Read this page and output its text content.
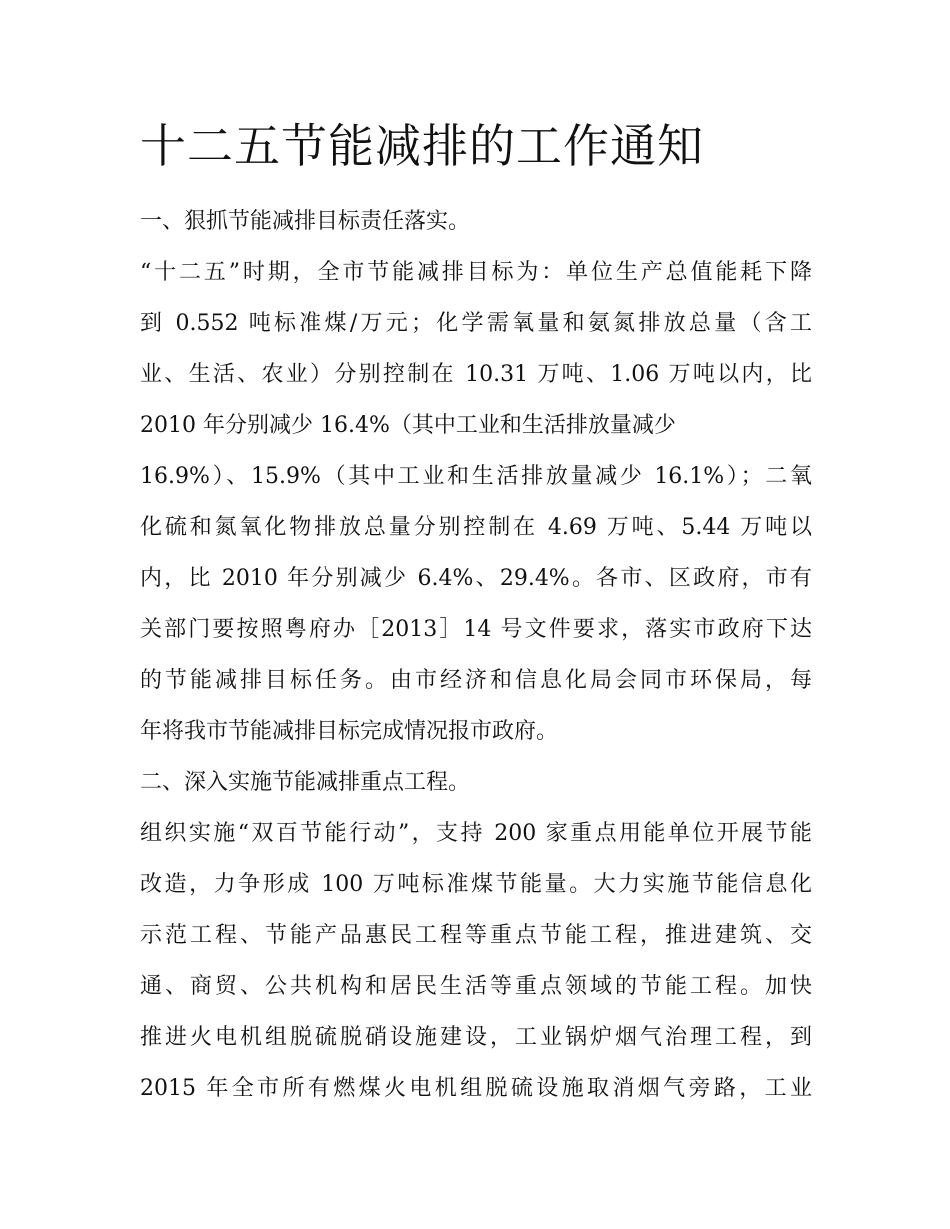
十二五节能减排的工作通知
一、狠抓节能减排目标责任落实。
“十二五”时期，全市节能减排目标为：单位生产总值能耗下降
到 0.552 吨标准煤/万元；化学需氧量和氨氮排放总量（含工
业、生活、农业）分别控制在 10.31 万吨、1.06 万吨以内，比
2010 年分别减少 16.4%（其中工业和生活排放量减少
16.9%）、15.9%（其中工业和生活排放量减少 16.1%）；二氧
化硫和氮氧化物排放总量分别控制在 4.69 万吨、5.44 万吨以
内，比 2010 年分别减少 6.4%、29.4%。各市、区政府，市有
关部门要按照粤府办［2013］14 号文件要求，落实市政府下达
的节能减排目标任务。由市经济和信息化局会同市环保局，每
年将我市节能减排目标完成情况报市政府。
二、深入实施节能减排重点工程。
组织实施“双百节能行动”，支持 200 家重点用能单位开展节能
改造，力争形成 100 万吨标准煤节能量。大力实施节能信息化
示范工程、节能产品惠民工程等重点节能工程，推进建筑、交
通、商贸、公共机构和居民生活等重点领域的节能工程。加快
推进火电机组脱硫脱硝设施建设，工业锅炉烟气治理工程，到
2015 年全市所有燃煤火电机组脱硫设施取消烟气旁路，工业
